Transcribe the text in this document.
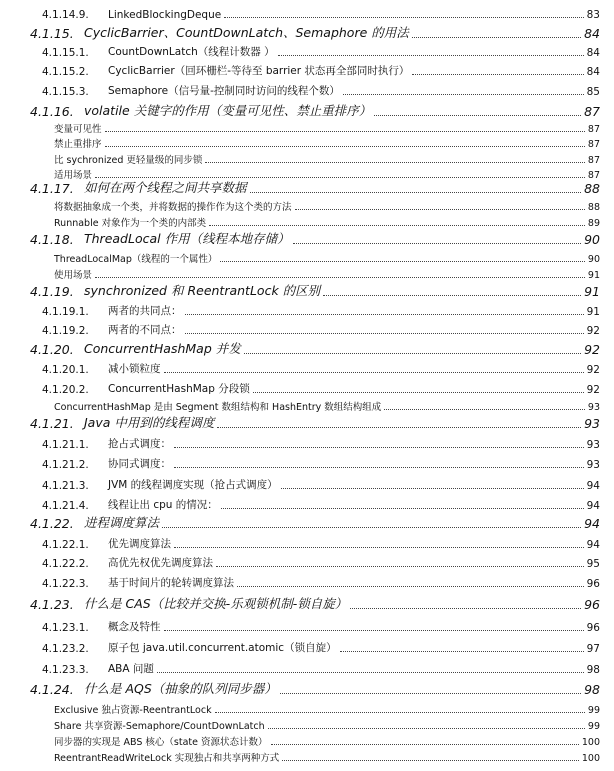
4.1.14.9.	LinkedBlockingDeque	83
4.1.15. CyclicBarrier、CountDownLatch、Semaphore 的用法	84
4.1.15.1.	CountDownLatch（线程计数器 ）	84
4.1.15.2.	CyclicBarrier（回环栅栏-等待至 barrier 状态再全部同时执行）	84
4.1.15.3.	Semaphore（信号量-控制同时访问的线程个数）	85
4.1.16. volatile 关键字的作用（变量可见性、禁止重排序）	87
变量可见性	87
禁止重排序	87
比 sychronized 更轻量级的同步锁	87
适用场景	87
4.1.17. 如何在两个线程之间共享数据	88
将数据抽象成一个类，并将数据的操作作为这个类的方法	88
Runnable 对象作为一个类的内部类	89
4.1.18. ThreadLocal 作用（线程本地存储）	90
ThreadLocalMap（线程的一个属性）	90
使用场景	91
4.1.19. synchronized 和 ReentrantLock 的区别	91
4.1.19.1.	两者的共同点：	91
4.1.19.2.	两者的不同点：	92
4.1.20. ConcurrentHashMap 并发	92
4.1.20.1.	减小锁粒度	92
4.1.20.2.	ConcurrentHashMap 分段锁	92
ConcurrentHashMap 是由 Segment 数组结构和 HashEntry 数组结构组成	93
4.1.21. Java 中用到的线程调度	93
4.1.21.1.	抢占式调度：	93
4.1.21.2.	协同式调度：	93
4.1.21.3.	JVM 的线程调度实现（抢占式调度）	94
4.1.21.4.	线程让出 cpu 的情况：	94
4.1.22. 进程调度算法	94
4.1.22.1.	优先调度算法	94
4.1.22.2.	高优先权优先调度算法	95
4.1.22.3.	基于时间片的轮转调度算法	96
4.1.23. 什么是 CAS（比较并交换-乐观锁机制-锁自旋）	96
4.1.23.1.	概念及特性	96
4.1.23.2.	原子包 java.util.concurrent.atomic（锁自旋）	97
4.1.23.3.	ABA 问题	98
4.1.24. 什么是 AQS（抽象的队列同步器）	98
Exclusive 独占资源-ReentrantLock	99
Share 共享资源-Semaphore/CountDownLatch	99
同步器的实现是 ABS 核心（state 资源状态计数）	100
ReentrantReadWriteLock 实现独占和共享两种方式	100
